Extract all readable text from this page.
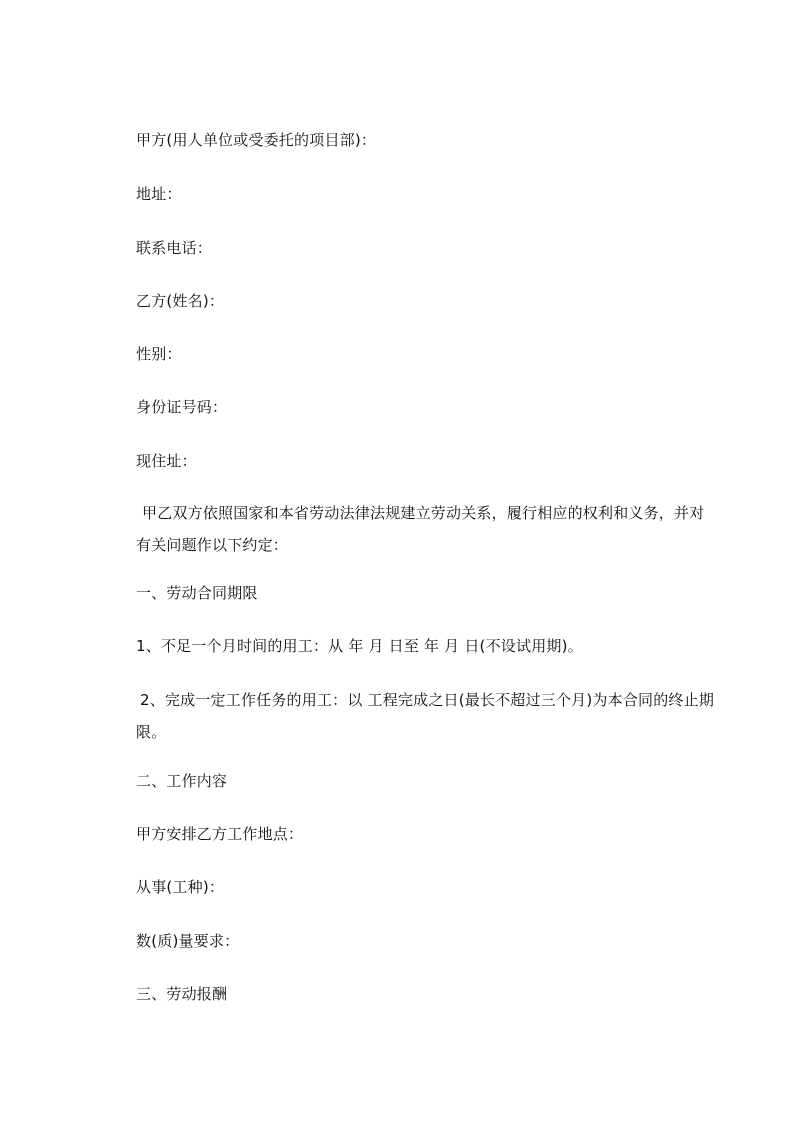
甲方(用人单位或受委托的项目部)：
地址：
联系电话：
乙方(姓名)：
性别：
身份证号码：
现住址：
甲乙双方依照国家和本省劳动法律法规建立劳动关系，履行相应的权利和义务，并对有关问题作以下约定：
一、劳动合同期限
1、不足一个月时间的用工：从 年 月 日至 年 月 日(不设试用期)。
2、完成一定工作任务的用工：以 工程完成之日(最长不超过三个月)为本合同的终止期限。
二、工作内容
甲方安排乙方工作地点：
从事(工种)：
数(质)量要求：
三、劳动报酬
